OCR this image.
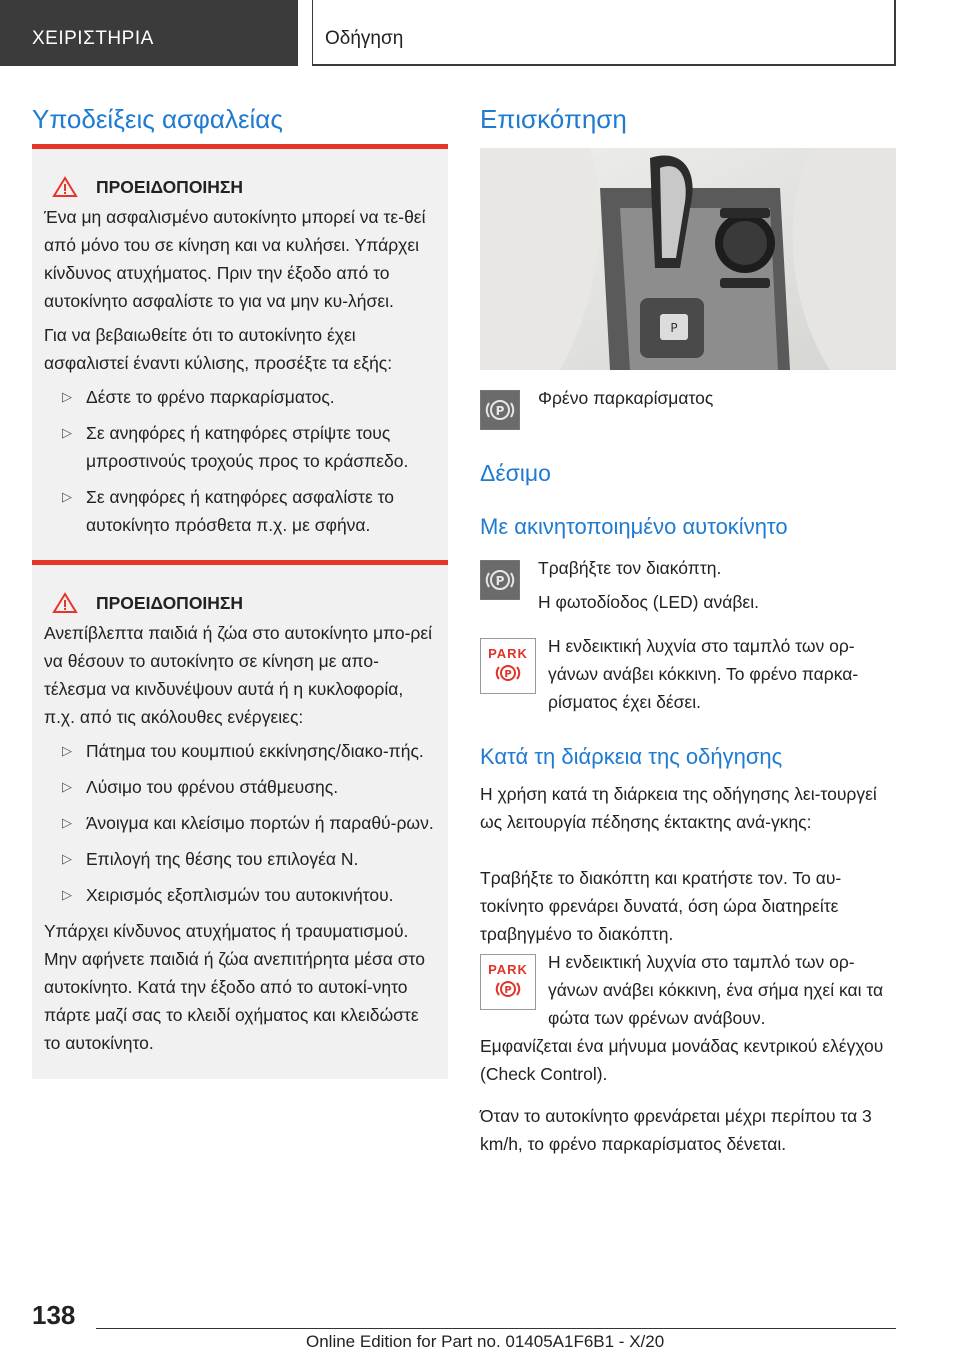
ΧΕΙΡΙΣΤΗΡΙΑ	Οδήγηση
Υποδείξεις ασφαλείας
ΠΡΟΕΙΔΟΠΟΙΗΣΗ

Ένα μη ασφαλισμένο αυτοκίνητο μπορεί να τε-θεί από μόνο του σε κίνηση και να κυλήσει. Υπάρχει κίνδυνος ατυχήματος. Πριν την έξοδο από το αυτοκίνητο ασφαλίστε το για να μην κυ-λήσει.

Για να βεβαιωθείτε ότι το αυτοκίνητο έχει ασφαλιστεί έναντι κύλισης, προσέξτε τα εξής:

▷ Δέστε το φρένο παρκαρίσματος.
▷ Σε ανηφόρες ή κατηφόρες στρίψτε τους μπροστινούς τροχούς προς το κράσπεδο.
▷ Σε ανηφόρες ή κατηφόρες ασφαλίστε το αυτοκίνητο πρόσθετα π.χ. με σφήνα.
ΠΡΟΕΙΔΟΠΟΙΗΣΗ

Ανεπίβλεπτα παιδιά ή ζώα στο αυτοκίνητο μπο-ρεί να θέσουν το αυτοκίνητο σε κίνηση με απο-τέλεσμα να κινδυνέψουν αυτά ή η κυκλοφορία, π.χ. από τις ακόλουθες ενέργειες:

▷ Πάτημα του κουμπιού εκκίνησης/διακο-πής.
▷ Λύσιμο του φρένου στάθμευσης.
▷ Άνοιγμα και κλείσιμο πορτών ή παραθύ-ρων.
▷ Επιλογή της θέσης του επιλογέα N.
▷ Χειρισμός εξοπλισμών του αυτοκινήτου.

Υπάρχει κίνδυνος ατυχήματος ή τραυματισμού. Μην αφήνετε παιδιά ή ζώα ανεπιτήρητα μέσα στο αυτοκίνητο. Κατά την έξοδο από το αυτοκί-νητο πάρτε μαζί σας το κλειδί οχήματος και κλειδώστε το αυτοκίνητο.

Επισκόπηση
P
P
Φρένο παρκαρίσματος
Δέσιμο
Με ακινητοποιημένο αυτοκίνητο
P
Τραβήξτε τον διακόπτη.
Η φωτοδίοδος (LED) ανάβει.
PARK
P
Η ενδεικτική λυχνία στο ταμπλό των ορ-γάνων ανάβει κόκκινη. Το φρένο παρκα-ρίσματος έχει δέσει.
Κατά τη διάρκεια της οδήγησης
Η χρήση κατά τη διάρκεια της οδήγησης λει-τουργεί ως λειτουργία πέδησης έκτακτης ανά-γκης:
Τραβήξτε το διακόπτη και κρατήστε τον. Το αυ-τοκίνητο φρενάρει δυνατά, όση ώρα διατηρείτε τραβηγμένο το διακόπτη.
PARK
P
Η ενδεικτική λυχνία στο ταμπλό των ορ-γάνων ανάβει κόκκινη, ένα σήμα ηχεί και τα φώτα των φρένων ανάβουν.
Εμφανίζεται ένα μήνυμα μονάδας κεντρικού ελέγχου (Check Control).
Όταν το αυτοκίνητο φρενάρεται μέχρι περίπου τα 3 km/h, το φρένο παρκαρίσματος δένεται.
138
Online Edition for Part no. 01405A1F6B1 - X/20
